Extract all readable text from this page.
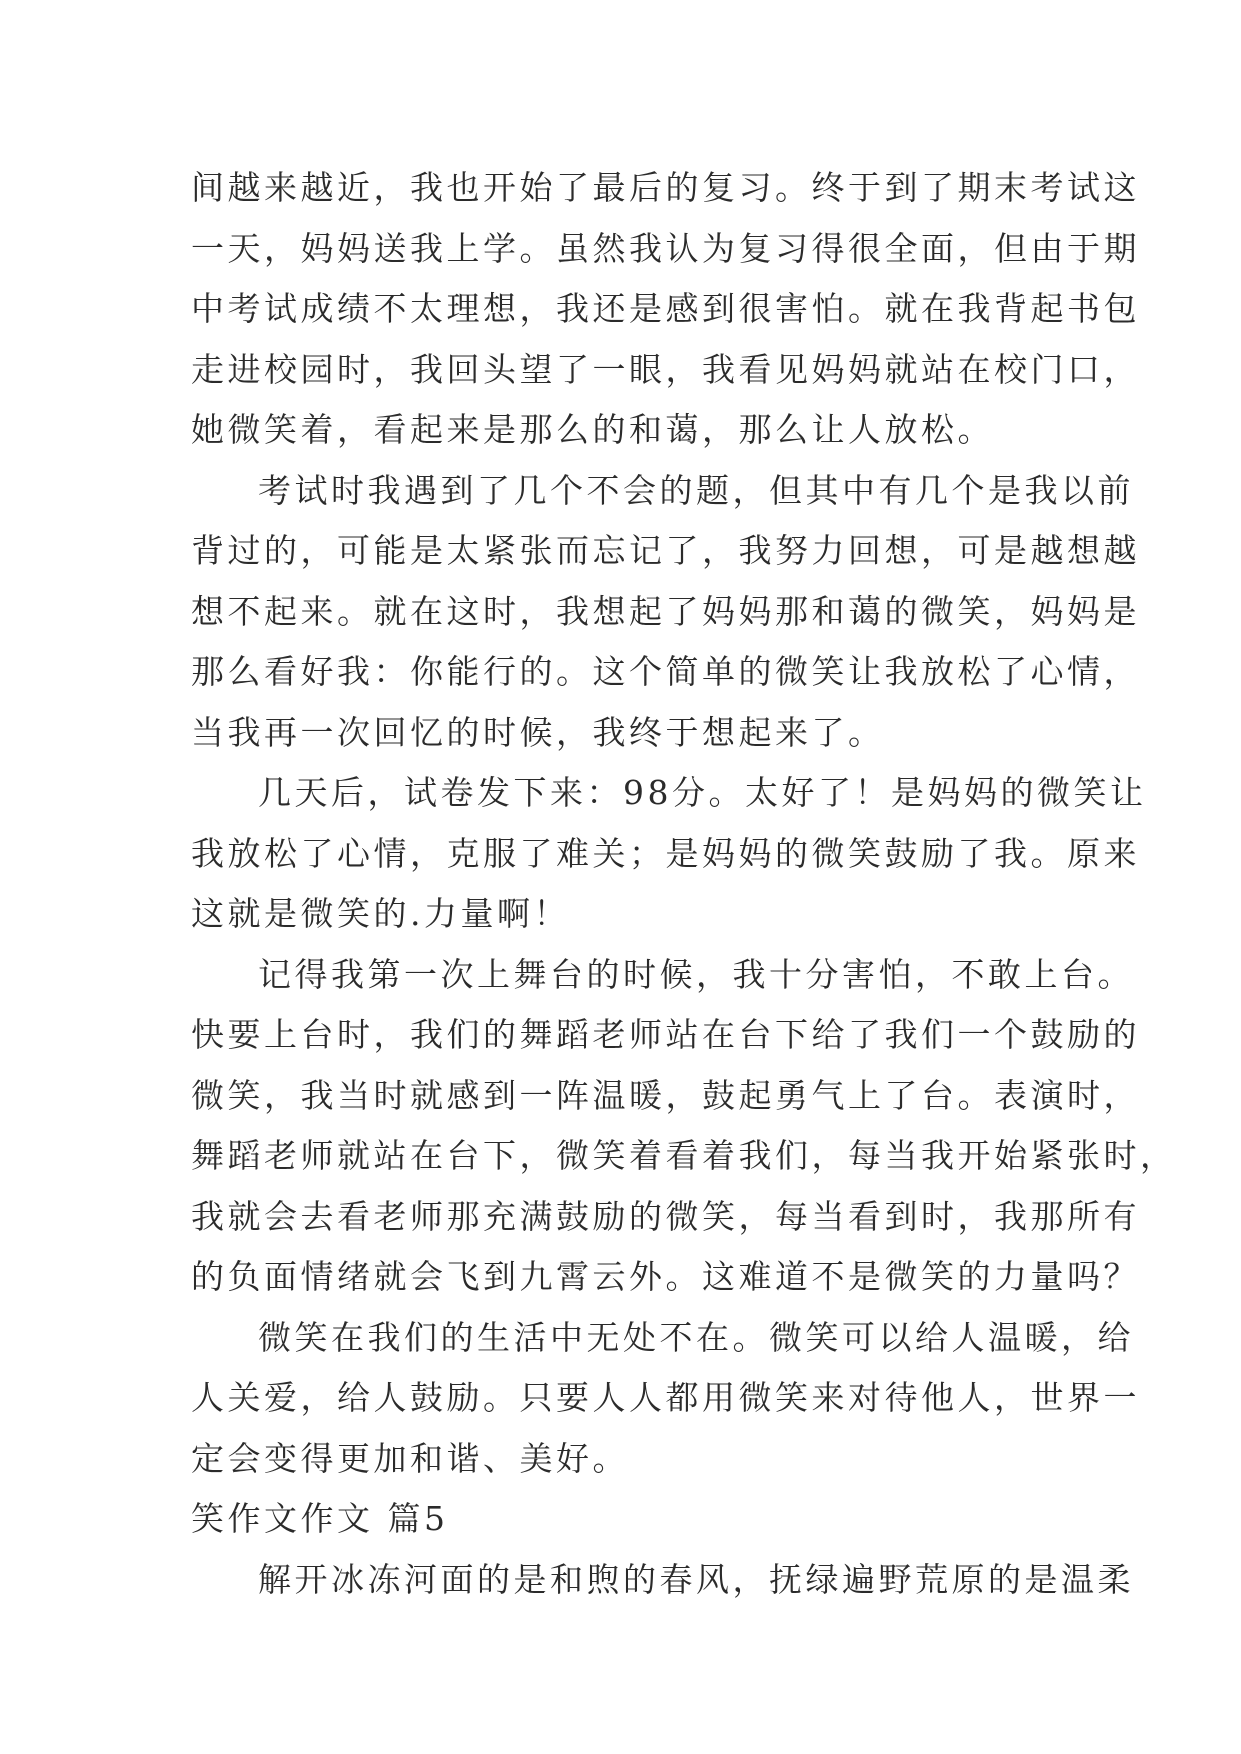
间越来越近，我也开始了最后的复习。终于到了期末考试这
一天，妈妈送我上学。虽然我认为复习得很全面，但由于期
中考试成绩不太理想，我还是感到很害怕。就在我背起书包
走进校园时，我回头望了一眼，我看见妈妈就站在校门口，
她微笑着，看起来是那么的和蔼，那么让人放松。
考试时我遇到了几个不会的题，但其中有几个是我以前
背过的，可能是太紧张而忘记了，我努力回想，可是越想越
想不起来。就在这时，我想起了妈妈那和蔼的微笑，妈妈是
那么看好我：你能行的。这个简单的微笑让我放松了心情，
当我再一次回忆的时候，我终于想起来了。
几天后，试卷发下来：98分。太好了！是妈妈的微笑让
我放松了心情，克服了难关；是妈妈的微笑鼓励了我。原来
这就是微笑的.力量啊！
记得我第一次上舞台的时候，我十分害怕，不敢上台。
快要上台时，我们的舞蹈老师站在台下给了我们一个鼓励的
微笑，我当时就感到一阵温暖，鼓起勇气上了台。表演时，
舞蹈老师就站在台下，微笑着看着我们，每当我开始紧张时，
我就会去看老师那充满鼓励的微笑，每当看到时，我那所有
的负面情绪就会飞到九霄云外。这难道不是微笑的力量吗？
微笑在我们的生活中无处不在。微笑可以给人温暖，给
人关爱，给人鼓励。只要人人都用微笑来对待他人，世界一
定会变得更加和谐、美好。
笑作文作文 篇5
解开冰冻河面的是和煦的春风，抚绿遍野荒原的是温柔
